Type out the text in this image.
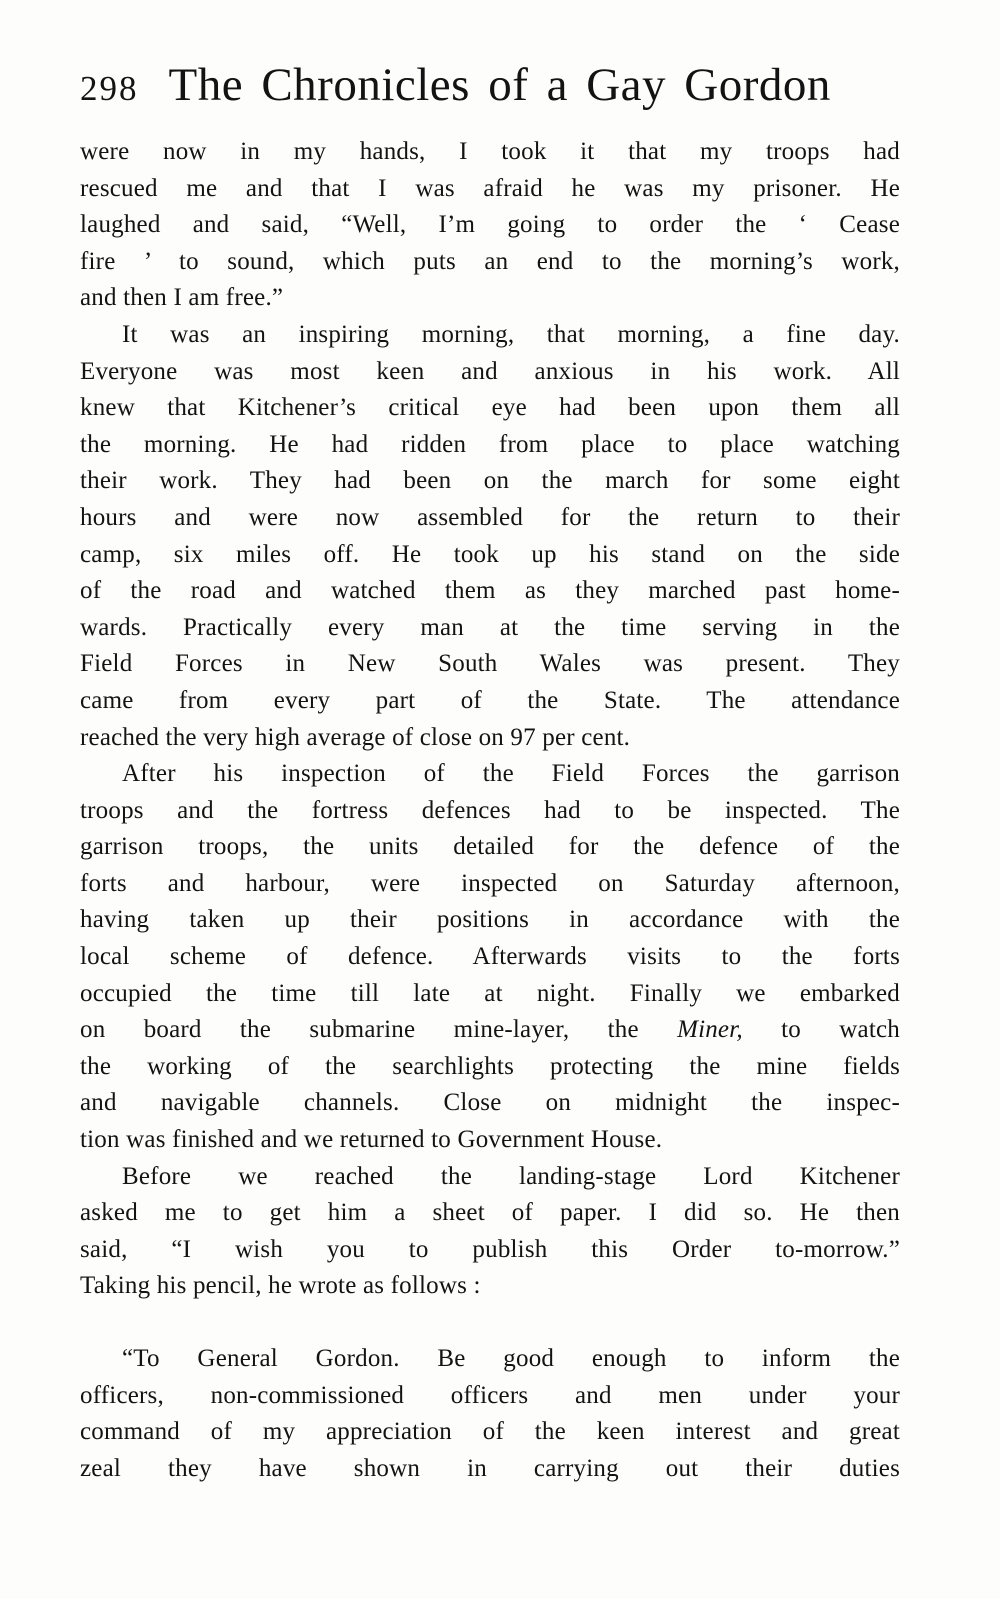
298 The Chronicles of a Gay Gordon
were now in my hands, I took it that my troops had
rescued me and that I was afraid he was my prisoner. He
laughed and said, “Well, I’m going to order the ‘ Cease
fire ’ to sound, which puts an end to the morning’s work,
and then I am free.”
It was an inspiring morning, that morning, a fine day.
Everyone was most keen and anxious in his work. All
knew that Kitchener’s critical eye had been upon them all
the morning. He had ridden from place to place watching
their work. They had been on the march for some eight
hours and were now assembled for the return to their
camp, six miles off. He took up his stand on the side
of the road and watched them as they marched past home-
wards. Practically every man at the time serving in the
Field Forces in New South Wales was present. They
came from every part of the State. The attendance
reached the very high average of close on 97 per cent.
After his inspection of the Field Forces the garrison
troops and the fortress defences had to be inspected. The
garrison troops, the units detailed for the defence of the
forts and harbour, were inspected on Saturday afternoon,
having taken up their positions in accordance with the
local scheme of defence. Afterwards visits to the forts
occupied the time till late at night. Finally we embarked
on board the submarine mine-layer, the Miner, to watch
the working of the searchlights protecting the mine fields
and navigable channels. Close on midnight the inspec-
tion was finished and we returned to Government House.
Before we reached the landing-stage Lord Kitchener
asked me to get him a sheet of paper. I did so. He then
said, “I wish you to publish this Order to-morrow.”
Taking his pencil, he wrote as follows :
“To General Gordon. Be good enough to inform the
officers, non-commissioned officers and men under your
command of my appreciation of the keen interest and great
zeal they have shown in carrying out their duties
